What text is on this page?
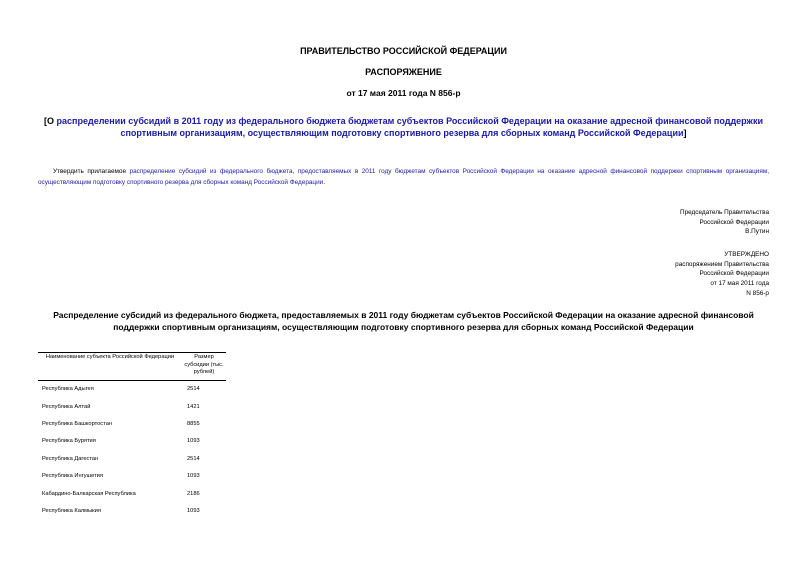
ПРАВИТЕЛЬСТВО РОССИЙСКОЙ ФЕДЕРАЦИИ
РАСПОРЯЖЕНИЕ
от 17 мая 2011 года N 856-р
[О распределении субсидий в 2011 году из федерального бюджета бюджетам субъектов Российской Федерации на оказание адресной финансовой поддержки спортивным организациям, осуществляющим подготовку спортивного резерва для сборных команд Российской Федерации]
Утвердить прилагаемое распределение субсидий из федерального бюджета, предоставляемых в 2011 году бюджетам субъектов Российской Федерации на оказание адресной финансовой поддержки спортивным организациям, осуществляющим подготовку спортивного резерва для сборных команд Российской Федерации.
Председатель Правительства
Российской Федерации
В.Путин
УТВЕРЖДЕНО
распоряжением Правительства
Российской Федерации
от 17 мая 2011 года
N 856-р
Распределение субсидий из федерального бюджета, предоставляемых в 2011 году бюджетам субъектов Российской Федерации на оказание адресной финансовой поддержки спортивным организациям, осуществляющим подготовку спортивного резерва для сборных команд Российской Федерации
Наименование субъекта Российской Федерации	Размер субсидии (тыс. рублей)
Республика Адыгея	2514
Республика Алтай	1421
Республика Башкортостан	8855
Республика Бурятия	1093
Республика Дагестан	2514
Республика Ингушетия	1093
Кабардино-Балкарская Республика	2186
Республика Калмыкия	1093
